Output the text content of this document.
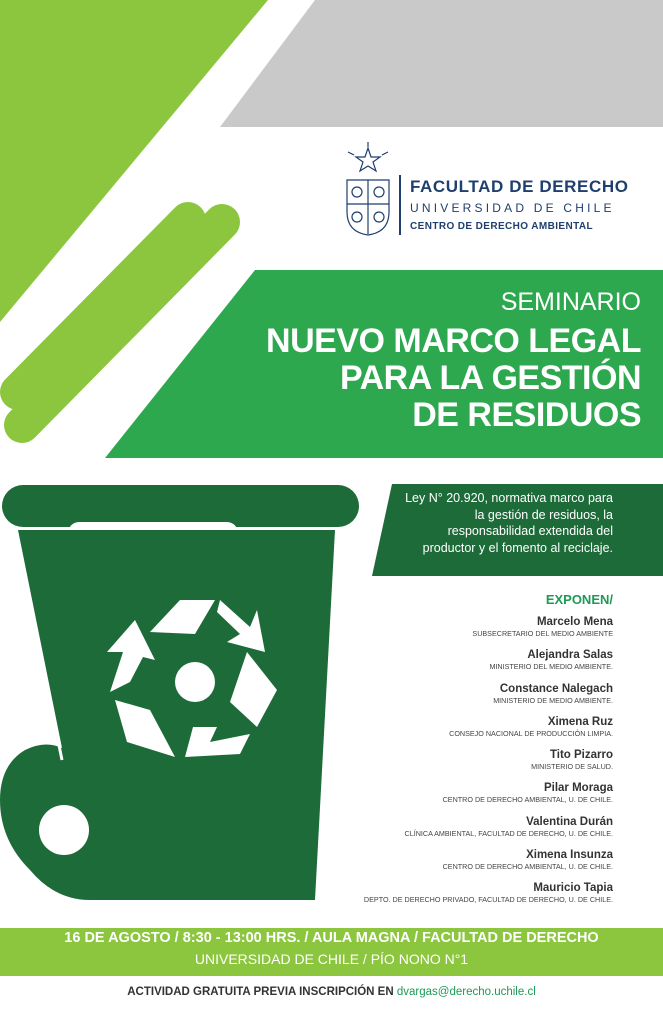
FACULTAD DE DERECHO
UNIVERSIDAD DE CHILE
CENTRO DE DERECHO AMBIENTAL
SEMINARIO
NUEVO MARCO LEGAL
PARA LA GESTIÓN
DE RESIDUOS
Ley N° 20.920, normativa marco para
la gestión de residuos, la
responsabilidad extendida del
productor y el fomento al reciclaje.
EXPONEN/
Marcelo Mena
SUBSECRETARIO DEL MEDIO AMBIENTE
Alejandra Salas
MINISTERIO DEL MEDIO AMBIENTE.
Constance Nalegach
MINISTERIO DE MEDIO AMBIENTE.
Ximena Ruz
CONSEJO NACIONAL DE PRODUCCIÓN LIMPIA.
Tito Pizarro
MINISTERIO DE SALUD.
Pilar Moraga
CENTRO DE DERECHO AMBIENTAL, U. DE CHILE.
Valentina Durán
CLÍNICA AMBIENTAL, FACULTAD DE DERECHO, U. DE CHILE.
Ximena Insunza
CENTRO DE DERECHO AMBIENTAL, U. DE CHILE.
Mauricio Tapia
DEPTO. DE DERECHO PRIVADO, FACULTAD DE DERECHO, U. DE CHILE.
16 DE AGOSTO / 8:30 - 13:00 HRS. / AULA MAGNA / FACULTAD DE DERECHO
UNIVERSIDAD DE CHILE / PÍO NONO N°1
ACTIVIDAD GRATUITA PREVIA INSCRIPCIÓN EN dvargas@derecho.uchile.cl
